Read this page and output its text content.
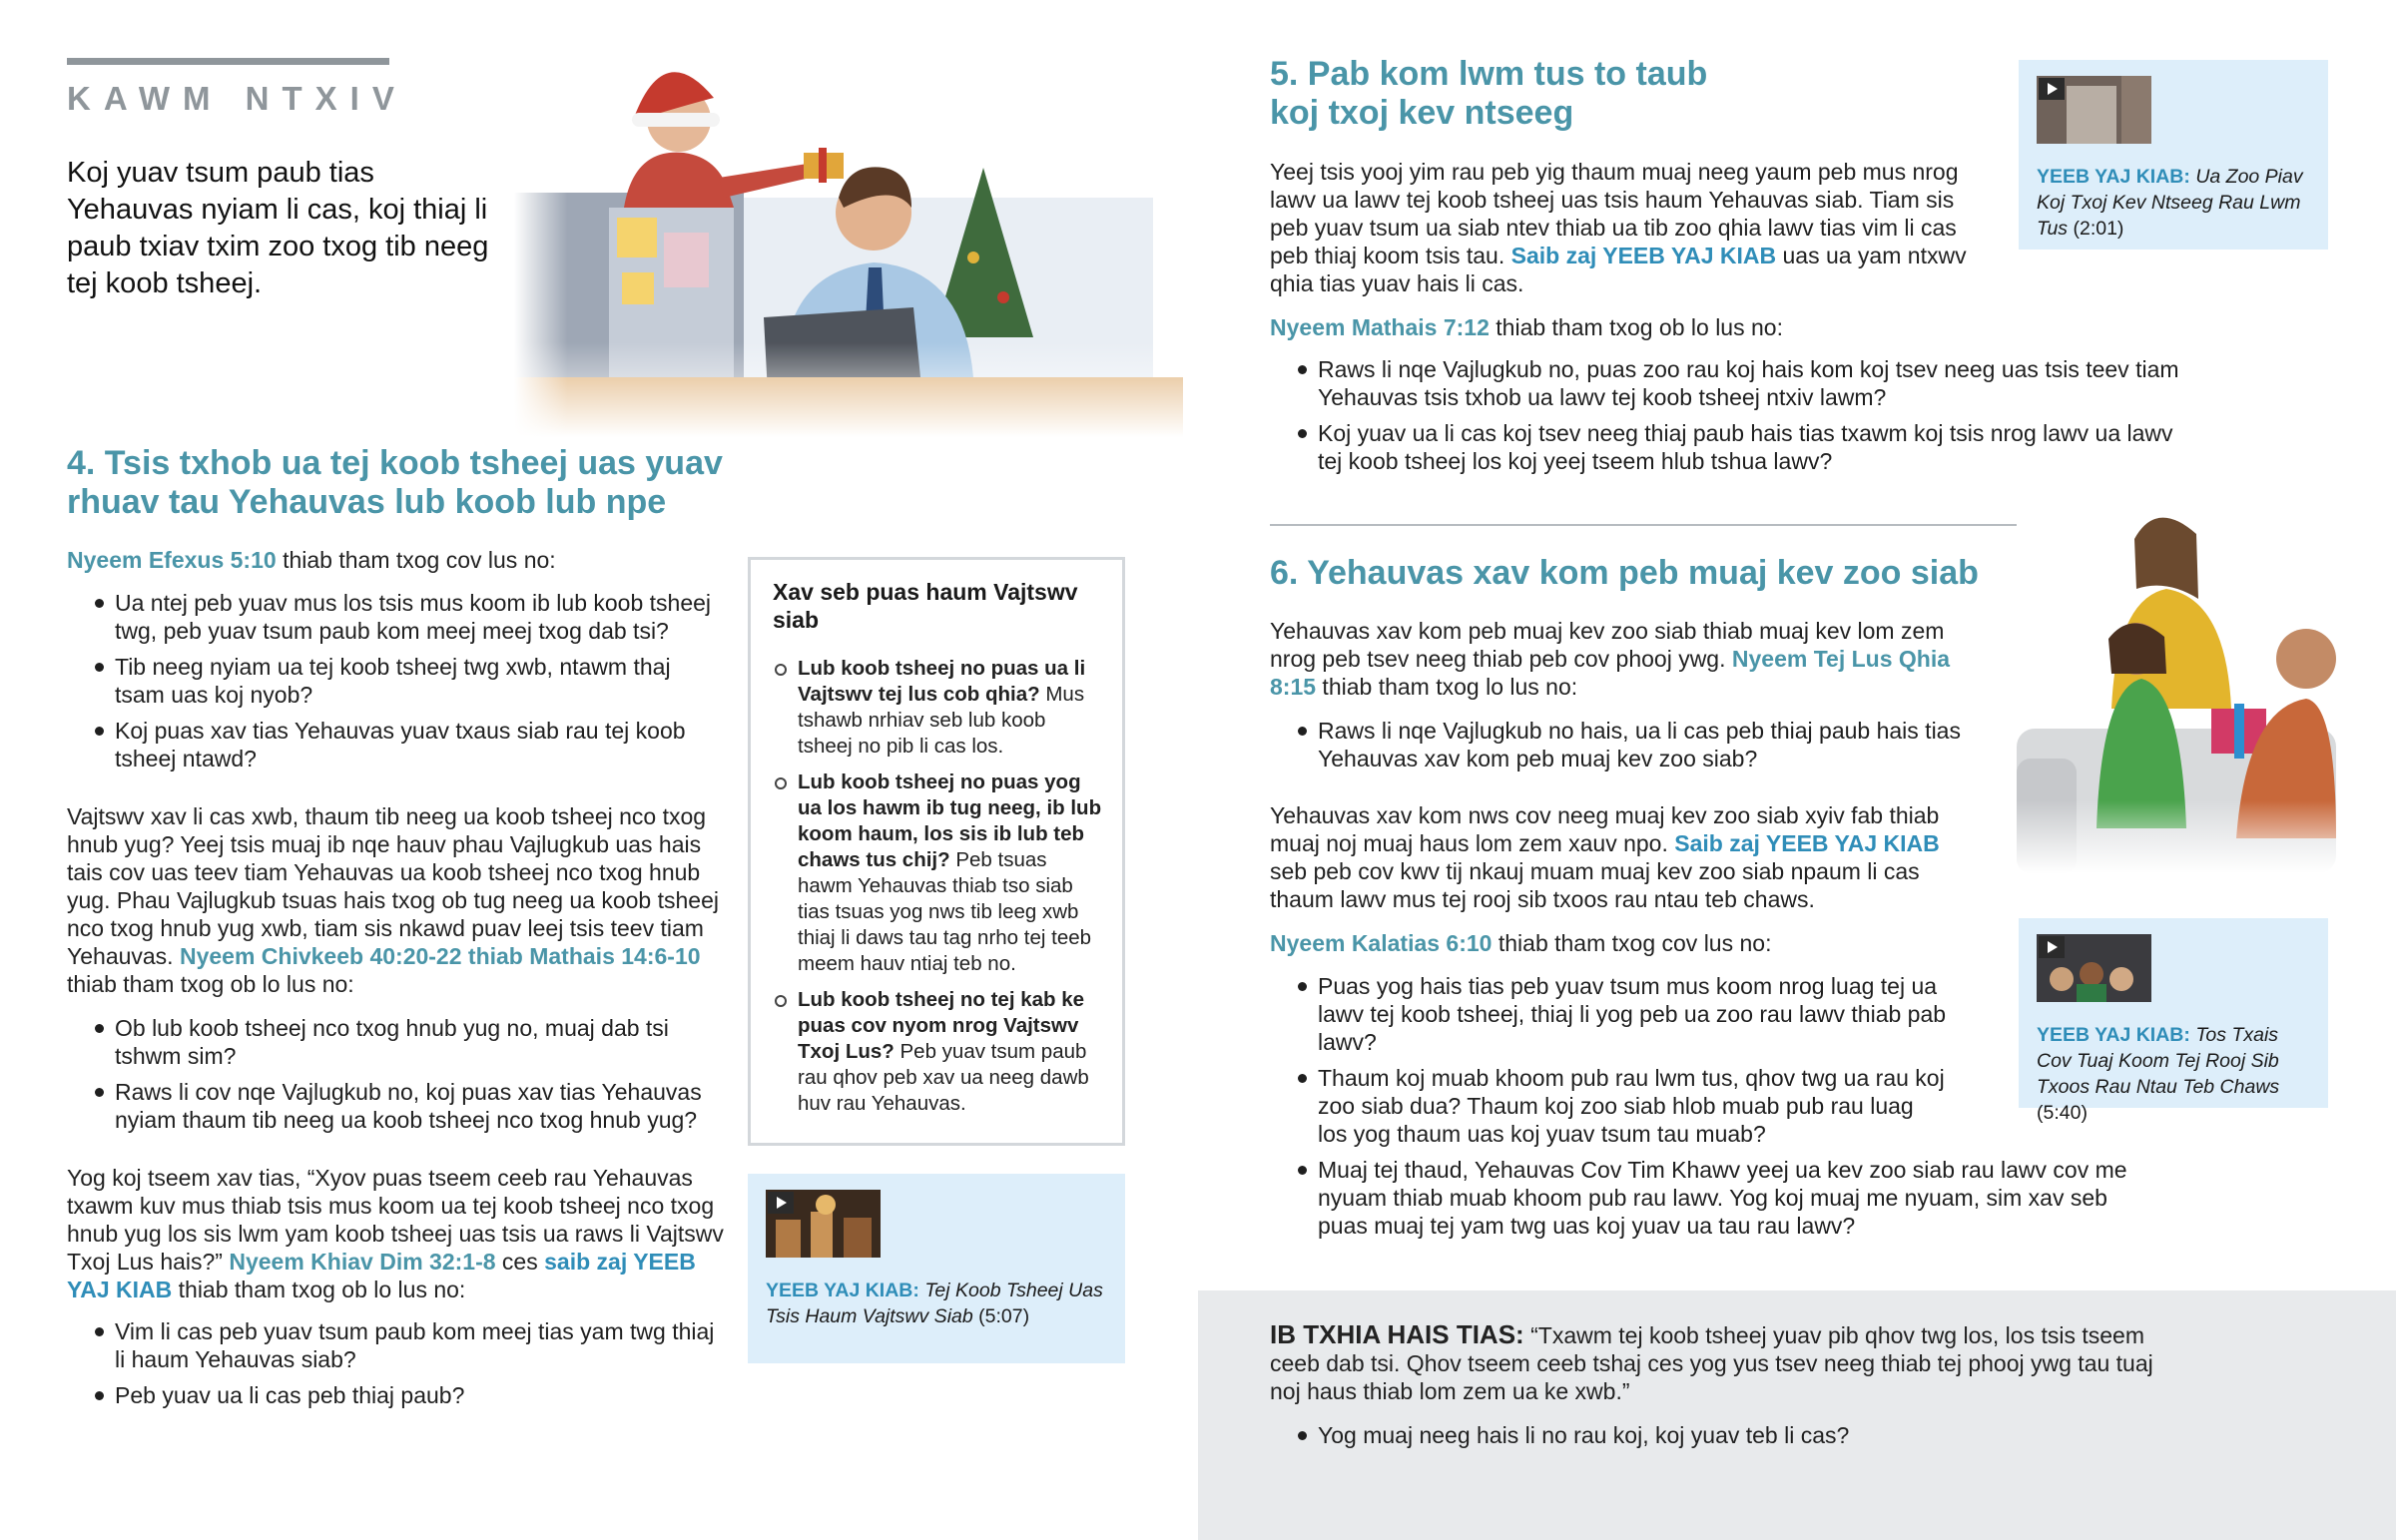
KAWM NTXIV
Koj yuav tsum paub tias Yehauvas nyiam li cas, koj thiaj li paub txiav txim zoo txog tib neeg tej koob tsheej.
4. Tsis txhob ua tej koob tsheej uas yuav rhuav tau Yehauvas lub koob lub npe
Nyeem Efexus 5:10 thiab tham txog cov lus no:
Ua ntej peb yuav mus los tsis mus koom ib lub koob tsheej twg, peb yuav tsum paub kom meej meej txog dab tsi?
Tib neeg nyiam ua tej koob tsheej twg xwb, ntawm thaj tsam uas koj nyob?
Koj puas xav tias Yehauvas yuav txaus siab rau tej koob tsheej ntawd?
Vajtswv xav li cas xwb, thaum tib neeg ua koob tsheej nco txog hnub yug? Yeej tsis muaj ib nqe hauv phau Vajlugkub uas hais tais cov uas teev tiam Yehauvas ua koob tsheej nco txog hnub yug. Phau Vajlugkub tsuas hais txog ob tug neeg ua koob tsheej nco txog hnub yug xwb, tiam sis nkawd puav leej tsis teev tiam Yehauvas. Nyeem Chivkeeb 40:20-22 thiab Mathais 14:6-10 thiab tham txog ob lo lus no:
Ob lub koob tsheej nco txog hnub yug no, muaj dab tsi tshwm sim?
Raws li cov nqe Vajlugkub no, koj puas xav tias Yehauvas nyiam thaum tib neeg ua koob tsheej nco txog hnub yug?
Yog koj tseem xav tias, “Xyov puas tseem ceeb rau Yehauvas txawm kuv mus thiab tsis mus koom ua tej koob tsheej nco txog hnub yug los sis lwm yam koob tsheej uas tsis ua raws li Vajtswv Txoj Lus hais?” Nyeem Khiav Dim 32:1-8 ces saib zaj YEEB YAJ KIAB thiab tham txog ob lo lus no:
Vim li cas peb yuav tsum paub kom meej tias yam twg thiaj li haum Yehauvas siab?
Peb yuav ua li cas peb thiaj paub?
Xav seb puas haum Vajtswv siab
Lub koob tsheej no puas ua li Vajtswv tej lus cob qhia? Mus tshawb nrhiav seb lub koob tsheej no pib li cas los.
Lub koob tsheej no puas yog ua los hawm ib tug neeg, ib lub koom haum, los sis ib lub teb chaws tus chij? Peb tsuas hawm Yehauvas thiab tso siab tias tsuas yog nws tib leeg xwb thiaj li daws tau tag nrho tej teeb meem hauv ntiaj teb no.
Lub koob tsheej no tej kab ke puas cov nyom nrog Vajtswv Txoj Lus? Peb yuav tsum paub rau qhov peb xav ua neeg dawb huv rau Yehauvas.
YEEB YAJ KIAB: Tej Koob Tsheej Uas Tsis Haum Vajtswv Siab (5:07)
5. Pab kom lwm tus to taub
koj txoj kev ntseeg
YEEB YAJ KIAB: Ua Zoo Piav Koj Txoj Kev Ntseeg Rau Lwm Tus (2:01)
Yeej tsis yooj yim rau peb yig thaum muaj neeg yaum peb mus nrog lawv ua lawv tej koob tsheej uas tsis haum Yehauvas siab. Tiam sis peb yuav tsum ua siab ntev thiab ua tib zoo qhia lawv tias vim li cas peb thiaj koom tsis tau. Saib zaj YEEB YAJ KIAB uas ua yam ntxwv qhia tias yuav hais li cas.
Nyeem Mathais 7:12 thiab tham txog ob lo lus no:
Raws li nqe Vajlugkub no, puas zoo rau koj hais kom koj tsev neeg uas tsis teev tiam Yehauvas tsis txhob ua lawv tej koob tsheej ntxiv lawm?
Koj yuav ua li cas koj tsev neeg thiaj paub hais tias txawm koj tsis nrog lawv ua lawv tej koob tsheej los koj yeej tseem hlub tshua lawv?
6. Yehauvas xav kom peb muaj kev zoo siab
Yehauvas xav kom peb muaj kev zoo siab thiab muaj kev lom zem nrog peb tsev neeg thiab peb cov phooj ywg. Nyeem Tej Lus Qhia 8:15 thiab tham txog lo lus no:
Raws li nqe Vajlugkub no hais, ua li cas peb thiaj paub hais tias Yehauvas xav kom peb muaj kev zoo siab?
Yehauvas xav kom nws cov neeg muaj kev zoo siab xyiv fab thiab muaj noj muaj haus lom zem xauv npo. Saib zaj YEEB YAJ KIAB seb peb cov kwv tij nkauj muam muaj kev zoo siab npaum li cas thaum lawv mus tej rooj sib txoos rau ntau teb chaws.
Nyeem Kalatias 6:10 thiab tham txog cov lus no:
Puas yog hais tias peb yuav tsum mus koom nrog luag tej ua lawv tej koob tsheej, thiaj li yog peb ua zoo rau lawv thiab pab lawv?
Thaum koj muab khoom pub rau lwm tus, qhov twg ua rau koj zoo siab dua? Thaum koj zoo siab hlob muab pub rau luag los yog thaum uas koj yuav tsum tau muab?
Muaj tej thaud, Yehauvas Cov Tim Khawv yeej ua kev zoo siab rau lawv cov me nyuam thiab muab khoom pub rau lawv. Yog koj muaj me nyuam, sim xav seb puas muaj tej yam twg uas koj yuav ua tau rau lawv?
YEEB YAJ KIAB: Tos Txais Cov Tuaj Koom Tej Rooj Sib Txoos Rau Ntau Teb Chaws (5:40)
IB TXHIA HAIS TIAS: “Txawm tej koob tsheej yuav pib qhov twg los, los tsis tseem ceeb dab tsi. Qhov tseem ceeb tshaj ces yog yus tsev neeg thiab tej phooj ywg tau tuaj noj haus thiab lom zem ua ke xwb.”
Yog muaj neeg hais li no rau koj, koj yuav teb li cas?
